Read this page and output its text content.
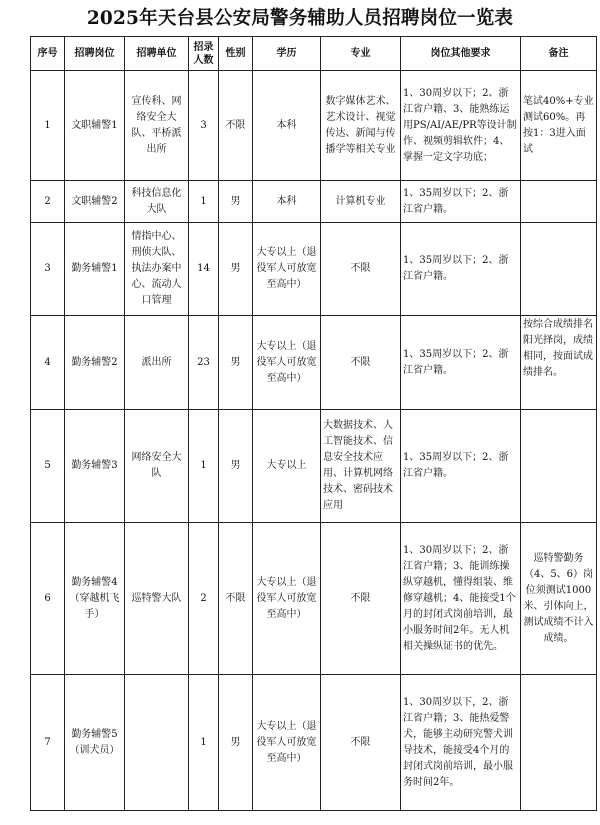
2025年天台县公安局警务辅助人员招聘岗位一览表
序号	招聘岗位	招聘单位	招录人数	性别	学历	专业	岗位其他要求	备注
1	文职辅警1	宣传科、网络安全大队、平桥派出所	3	不限	本科	数字媒体艺术、艺术设计、视觉传达、新闻与传播学等相关专业	1、30周岁以下；2、浙江省户籍、3、能熟练运用PS/AI/AE/PR等设计制作、视频剪辑软件；4、掌握一定文字功底；	笔试40%+专业测试60%。再按1：3进入面试
2	文职辅警2	科技信息化大队	1	男	本科	计算机专业	1、35周岁以下；2、浙江省户籍。	
3	勤务辅警1	情指中心、刑侦大队、执法办案中心、流动人口管理	14	男	大专以上（退役军人可放宽至高中）	不限	1、35周岁以下；2、浙江省户籍。	
4	勤务辅警2	派出所	23	男	大专以上（退役军人可放宽至高中）	不限	1、35周岁以下；2、浙江省户籍。	按综合成绩排名阳光择岗，成绩相同，按面试成绩排名。
5	勤务辅警3	网络安全大队	1	男	大专以上	大数据技术、人工智能技术、信息安全技术应用、计算机网络技术、密码技术应用	1、35周岁以下；2、浙江省户籍。	
6	勤务辅警4（穿越机飞手）	巡特警大队	2	不限	大专以上（退役军人可放宽至高中）	不限	1、30周岁以下；2、浙江省户籍；3、能训练操纵穿越机，懂得组装、维修穿越机；4、能接受1个月的封闭式岗前培训，最小服务时间2年。无人机相关操纵证书的优先。	巡特警勤务（4、5、6）岗位须测试1000米、引体向上，测试成绩不计入成绩。
7	勤务辅警5（训犬员）		1	男	大专以上（退役军人可放宽至高中）	不限	1、30周岁以下，2、浙江省户籍；3、能热爱警犬，能够主动研究警犬训导技术，能接受4个月的封闭式岗前培训，最小服务时间2年。	
